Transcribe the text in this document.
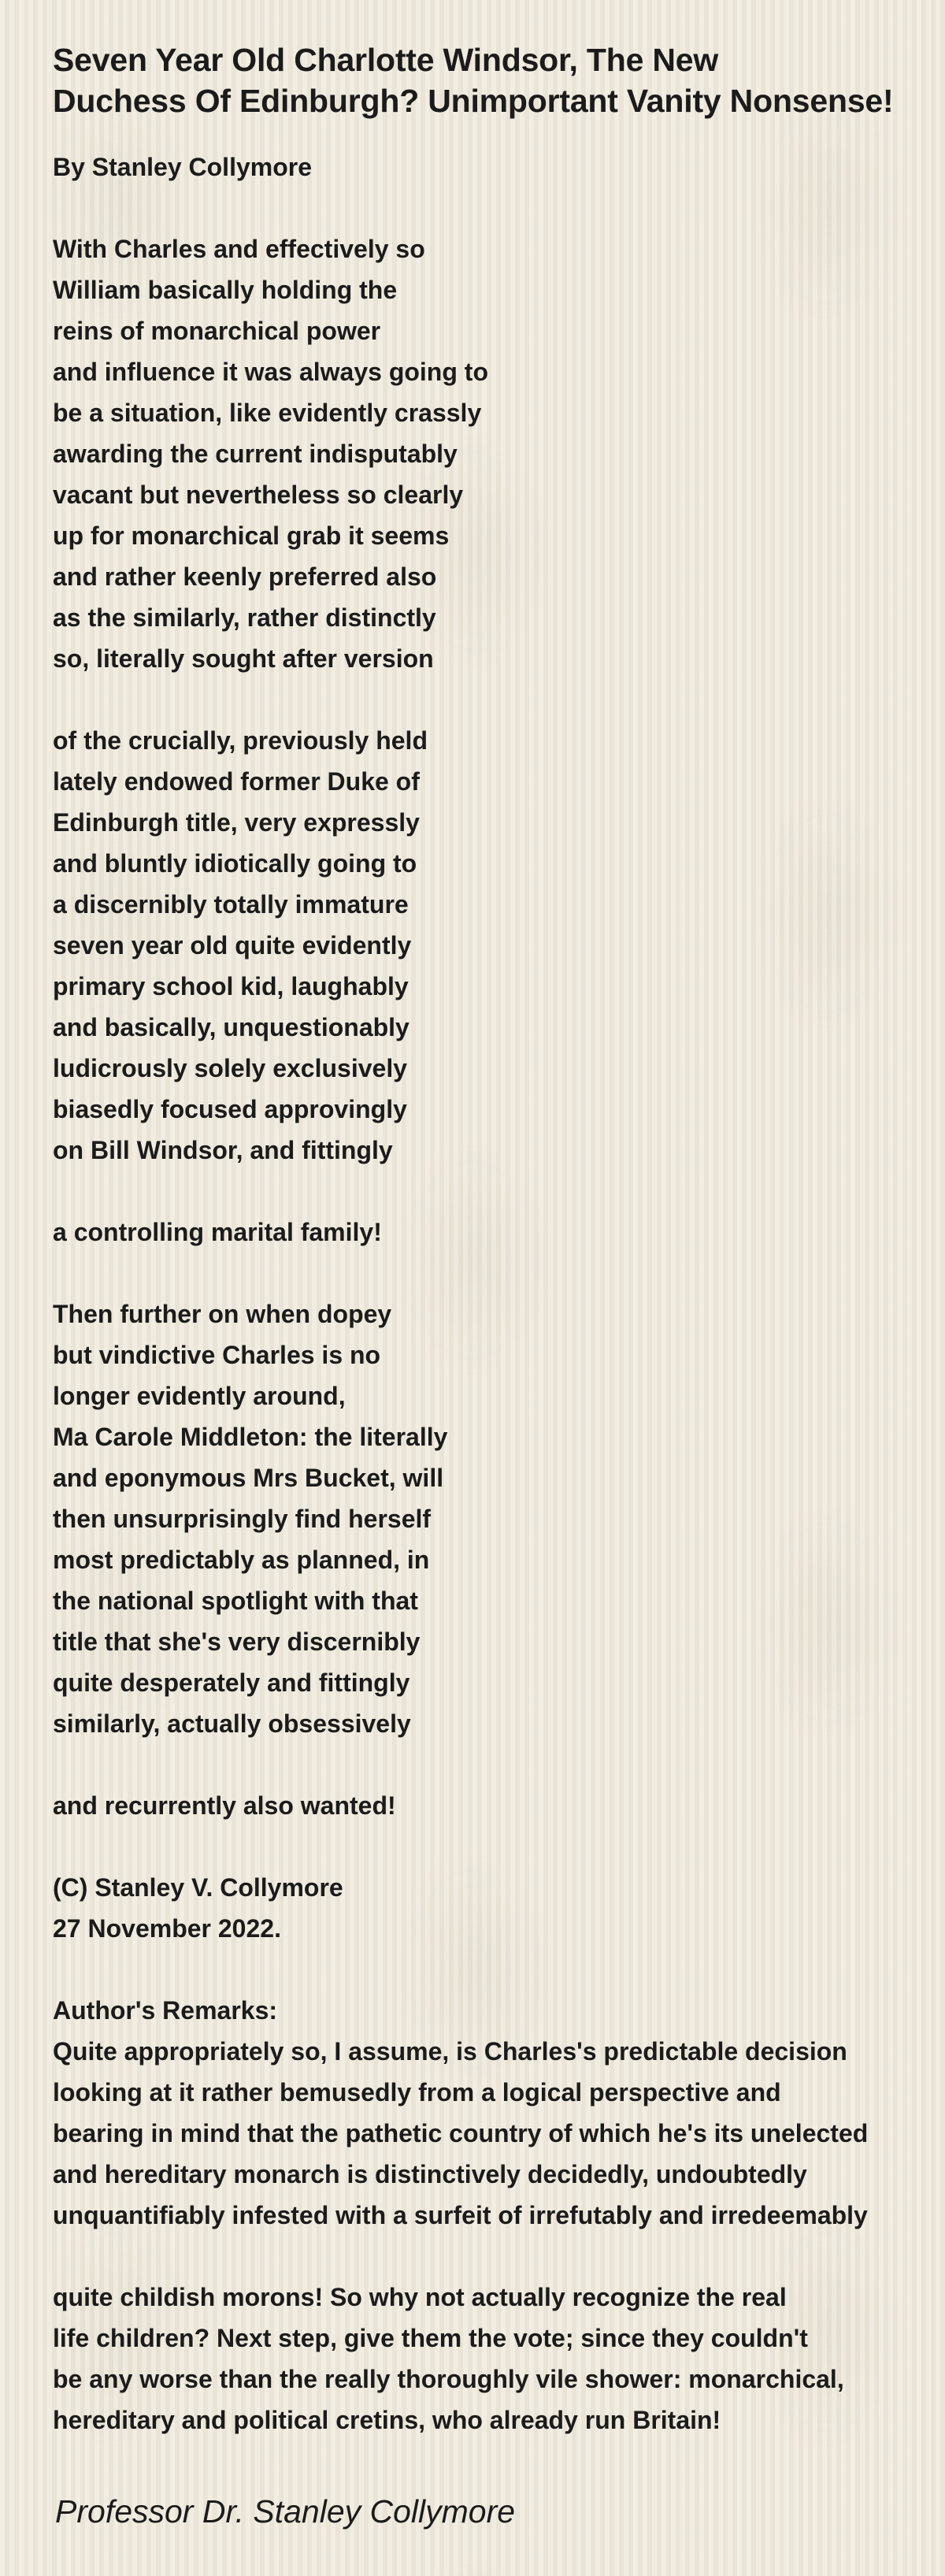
Seven Year Old Charlotte Windsor, The New
Duchess Of Edinburgh? Unimportant Vanity Nonsense!

By Stanley Collymore

With Charles and effectively so
William basically holding the
reins of monarchical power
and influence it was always going to
be a situation, like evidently crassly
awarding the current indisputably
vacant but nevertheless so clearly
up for monarchical grab it seems
and rather keenly preferred also
as the similarly, rather distinctly
so, literally sought after version
of the crucially, previously held
lately endowed former Duke of
Edinburgh title, very expressly
and bluntly idiotically going to
a discernibly totally immature
seven year old quite evidently
primary school kid, laughably
and basically, unquestionably
ludicrously solely exclusively
biasedly focused approvingly
on Bill Windsor, and fittingly
a controlling marital family!
Then further on when dopey
but vindictive Charles is no
longer evidently around,
Ma Carole Middleton: the literally
and eponymous Mrs Bucket, will
then unsurprisingly find herself
most predictably as planned, in
the national spotlight with that
title that she's very discernibly
quite desperately and fittingly
similarly, actually obsessively
and recurrently also wanted!
(C) Stanley V. Collymore
27 November 2022.
Author's Remarks:
Quite appropriately so, I assume, is Charles's predictable decision
looking at it rather bemusedly from a logical perspective and
bearing in mind that the pathetic country of which he's its unelected
and hereditary monarch is distinctively decidedly, undoubtedly
unquantifiably infested with a surfeit of irrefutably and irredeemably
quite childish morons! So why not actually recognize the real
life children? Next step, give them the vote; since they couldn't
be any worse than the really thoroughly vile shower: monarchical,
hereditary and political cretins, who already run Britain!

Professor Dr. Stanley Collymore
